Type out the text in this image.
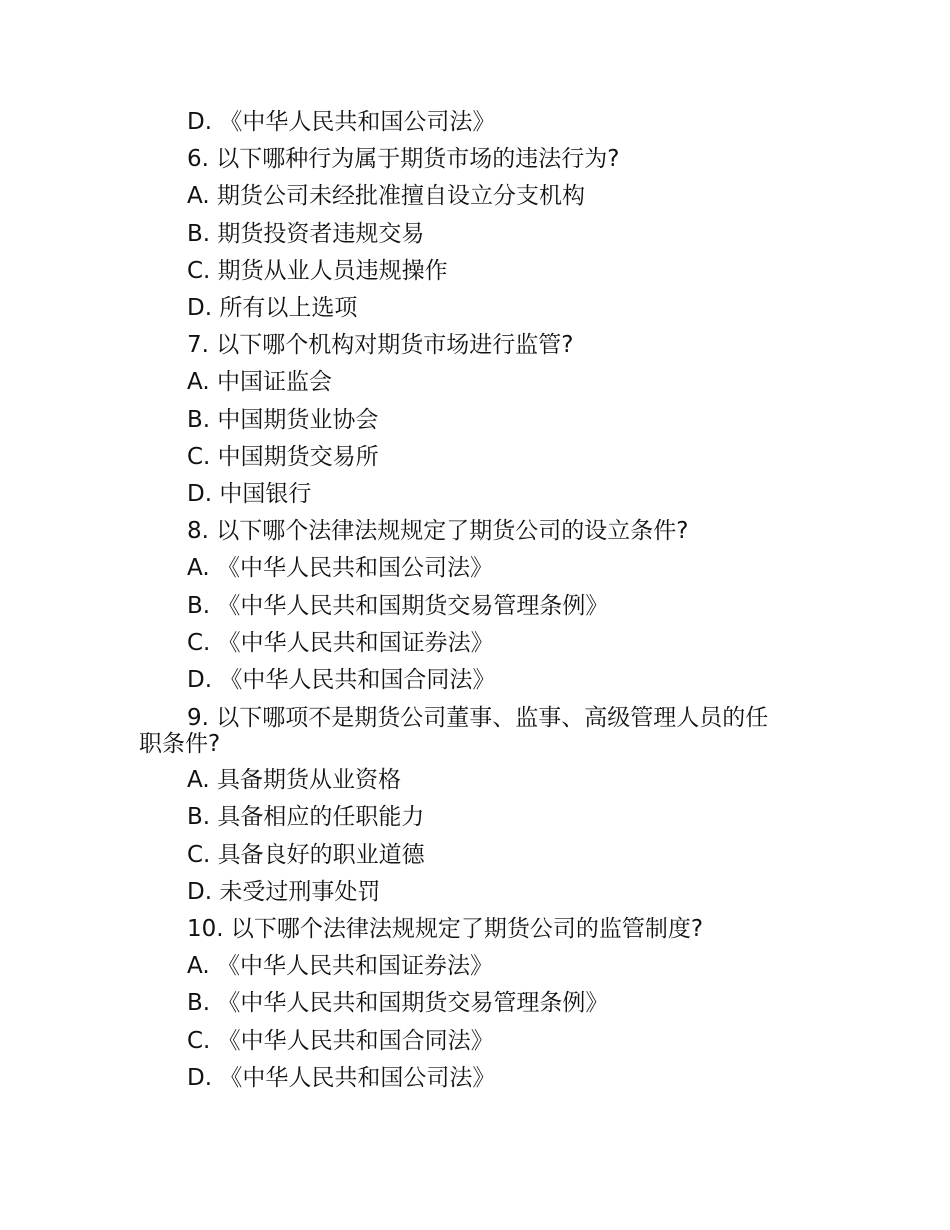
D. 《中华人民共和国公司法》
6. 以下哪种行为属于期货市场的违法行为?
A. 期货公司未经批准擅自设立分支机构
B. 期货投资者违规交易
C. 期货从业人员违规操作
D. 所有以上选项
7. 以下哪个机构对期货市场进行监管?
A. 中国证监会
B. 中国期货业协会
C. 中国期货交易所
D. 中国银行
8. 以下哪个法律法规规定了期货公司的设立条件?
A. 《中华人民共和国公司法》
B. 《中华人民共和国期货交易管理条例》
C. 《中华人民共和国证券法》
D. 《中华人民共和国合同法》
9. 以下哪项不是期货公司董事、监事、高级管理人员的任
职条件?
A. 具备期货从业资格
B. 具备相应的任职能力
C. 具备良好的职业道德
D. 未受过刑事处罚
10. 以下哪个法律法规规定了期货公司的监管制度?
A. 《中华人民共和国证券法》
B. 《中华人民共和国期货交易管理条例》
C. 《中华人民共和国合同法》
D. 《中华人民共和国公司法》
